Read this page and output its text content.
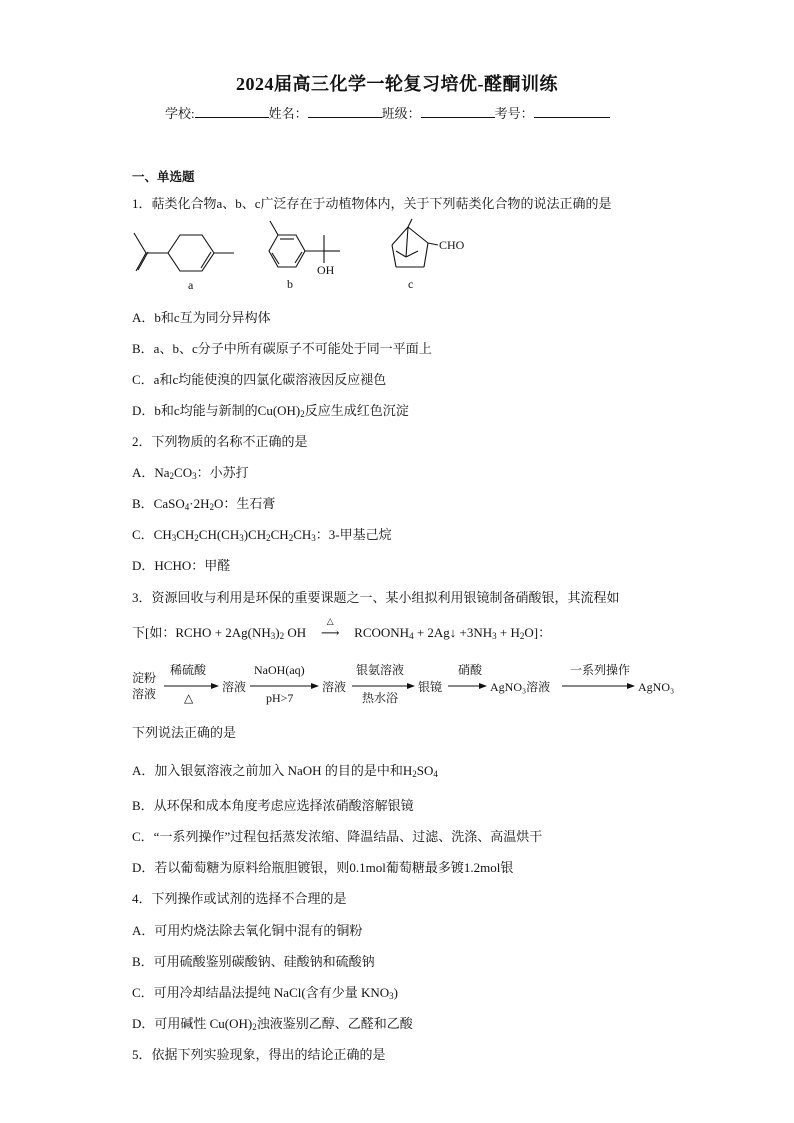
2024届高三化学一轮复习培优-醛酮训练
学校:	姓名：	班级：	考号：
一、单选题
1．萜类化合物a、b、c广泛存在于动植物体内，关于下列萜类化合物的说法正确的是
a
OH
b
CHO
c
A．b和c互为同分异构体
B．a、b、c分子中所有碳原子不可能处于同一平面上
C．a和c均能使溴的四氯化碳溶液因反应褪色
D．b和c均能与新制的$Cu(OH)_2$反应生成红色沉淀
2．下列物质的名称不正确的是
A．$Na_2CO_3$：小苏打
B．$CaSO_4\cdot 2H_2O$：生石膏
C．$CH_3CH_2CH(CH_3)CH_2CH_2CH_3$：3-甲基己烷
D．HCHO：甲醛
3．资源回收与利用是环保的重要课题之一、某小组拟利用银镜制备硝酸银，其流程如
下[如：RCHO + $2Ag(NH_3)_2$ OH
△
⟶ $RCOONH_4$ + 2Ag↓ $+3NH_3 + H_2O$]：
淀粉
溶液
稀硫酸
△
溶液
NaOH(aq)
pH>7
溶液
银氨溶液
热水浴
银镜
硝酸
AgNO₃溶液
一系列操作
AgNO₃
下列说法正确的是
A．加入银氨溶液之前加入 NaOH 的目的是中和$H_2SO_4$
B．从环保和成本角度考虑应选择浓硝酸溶解银镜
C．“一系列操作”过程包括蒸发浓缩、降温结晶、过滤、洗涤、高温烘干
D．若以葡萄糖为原料给瓶胆镀银，则0.1mol葡萄糖最多镀1.2mol银
4．下列操作或试剂的选择不合理的是
A．可用灼烧法除去氧化铜中混有的铜粉
B．可用硫酸鉴别碳酸钠、硅酸钠和硫酸钠
C．可用冷却结晶法提纯 NaCl(含有少量 $KNO_3$)
D．可用碱性 $Cu(OH)_2$浊液鉴别乙醇、乙醛和乙酸
5．依据下列实验现象，得出的结论正确的是
